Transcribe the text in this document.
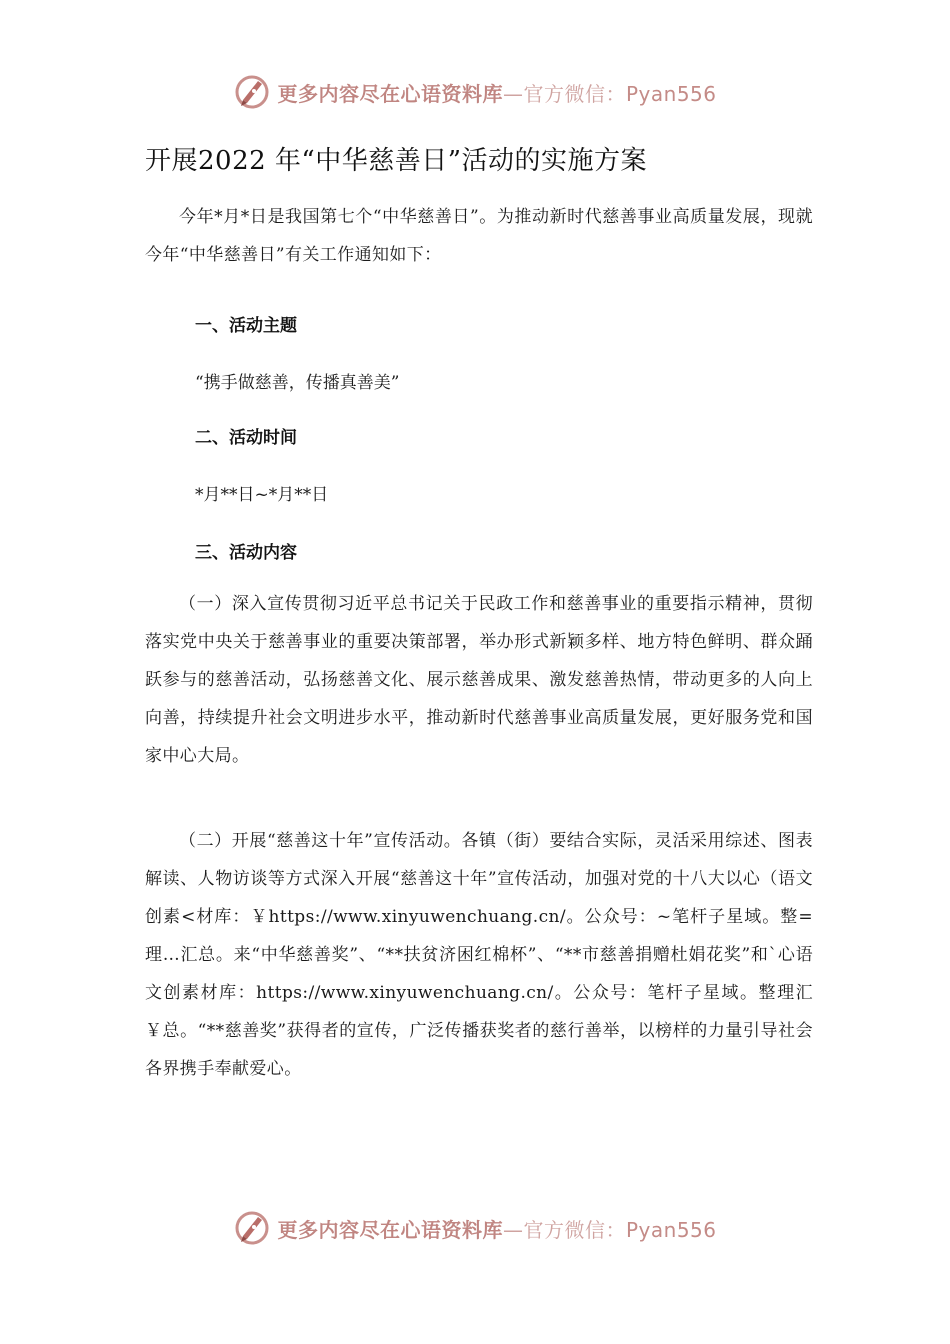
更多内容尽在心语资料库—官方微信：Pyan556
开展2022 年“中华慈善日”活动的实施方案
今年*月*日是我国第七个“中华慈善日”。为推动新时代慈善事业高质量发展，现就今年“中华慈善日”有关工作通知如下：
一、活动主题
“携手做慈善，传播真善美”
二、活动时间
*月**日~*月**日
三、活动内容
（一）深入宣传贯彻习近平总书记关于民政工作和慈善事业的重要指示精神，贯彻落实党中央关于慈善事业的重要决策部署，举办形式新颖多样、地方特色鲜明、群众踊跃参与的慈善活动，弘扬慈善文化、展示慈善成果、激发慈善热情，带动更多的人向上向善，持续提升社会文明进步水平，推动新时代慈善事业高质量发展，更好服务党和国家中心大局。
（二）开展“慈善这十年”宣传活动。各镇（街）要结合实际，灵活采用综述、图表解读、人物访谈等方式深入开展“慈善这十年”宣传活动，加强对党的十八大以心（语文创素<材库：￥https://www.xinyuwenchuang.cn/。公众号：~笔杆子星域。整=理…汇总。来“中华慈善奖”、“**扶贫济困红棉杯”、“**市慈善捐赠杜娟花奖”和`心语文创素材库：https://www.xinyuwenchuang.cn/。公众号：笔杆子星域。整理汇￥总。“**慈善奖”获得者的宣传，广泛传播获奖者的慈行善举，以榜样的力量引导社会各界携手奉献爱心。
更多内容尽在心语资料库—官方微信：Pyan556
